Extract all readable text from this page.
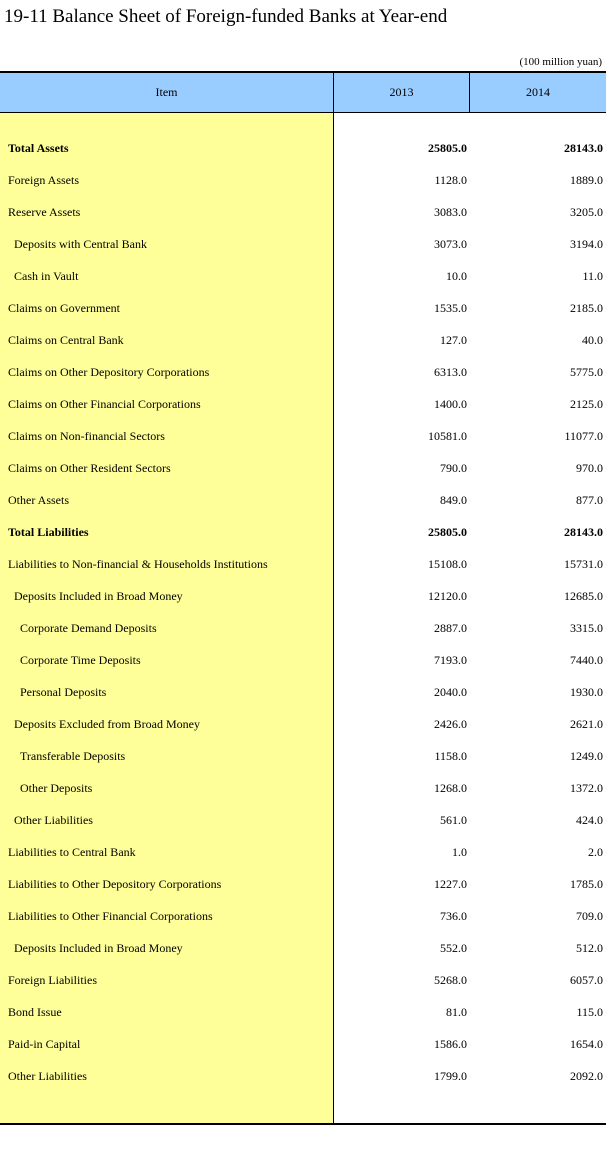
19-11 Balance Sheet of Foreign-funded Banks at Year-end
(100 million yuan)
Item	2013	2014
Total Assets	25805.0	28143.0
Foreign Assets	1128.0	1889.0
Reserve Assets	3083.0	3205.0
Deposits with Central Bank	3073.0	3194.0
Cash in Vault	10.0	11.0
Claims on Government	1535.0	2185.0
Claims on Central Bank	127.0	40.0
Claims on Other Depository Corporations	6313.0	5775.0
Claims on Other Financial Corporations	1400.0	2125.0
Claims on Non-financial Sectors	10581.0	11077.0
Claims on Other Resident Sectors	790.0	970.0
Other Assets	849.0	877.0
Total Liabilities	25805.0	28143.0
Liabilities to Non-financial & Households Institutions	15108.0	15731.0
Deposits Included in Broad Money	12120.0	12685.0
Corporate Demand Deposits	2887.0	3315.0
Corporate Time Deposits	7193.0	7440.0
Personal Deposits	2040.0	1930.0
Deposits Excluded from Broad Money	2426.0	2621.0
Transferable Deposits	1158.0	1249.0
Other Deposits	1268.0	1372.0
Other Liabilities	561.0	424.0
Liabilities to Central Bank	1.0	2.0
Liabilities to Other Depository Corporations	1227.0	1785.0
Liabilities to Other Financial Corporations	736.0	709.0
Deposits Included in Broad Money	552.0	512.0
Foreign Liabilities	5268.0	6057.0
Bond Issue	81.0	115.0
Paid-in Capital	1586.0	1654.0
Other Liabilities	1799.0	2092.0
